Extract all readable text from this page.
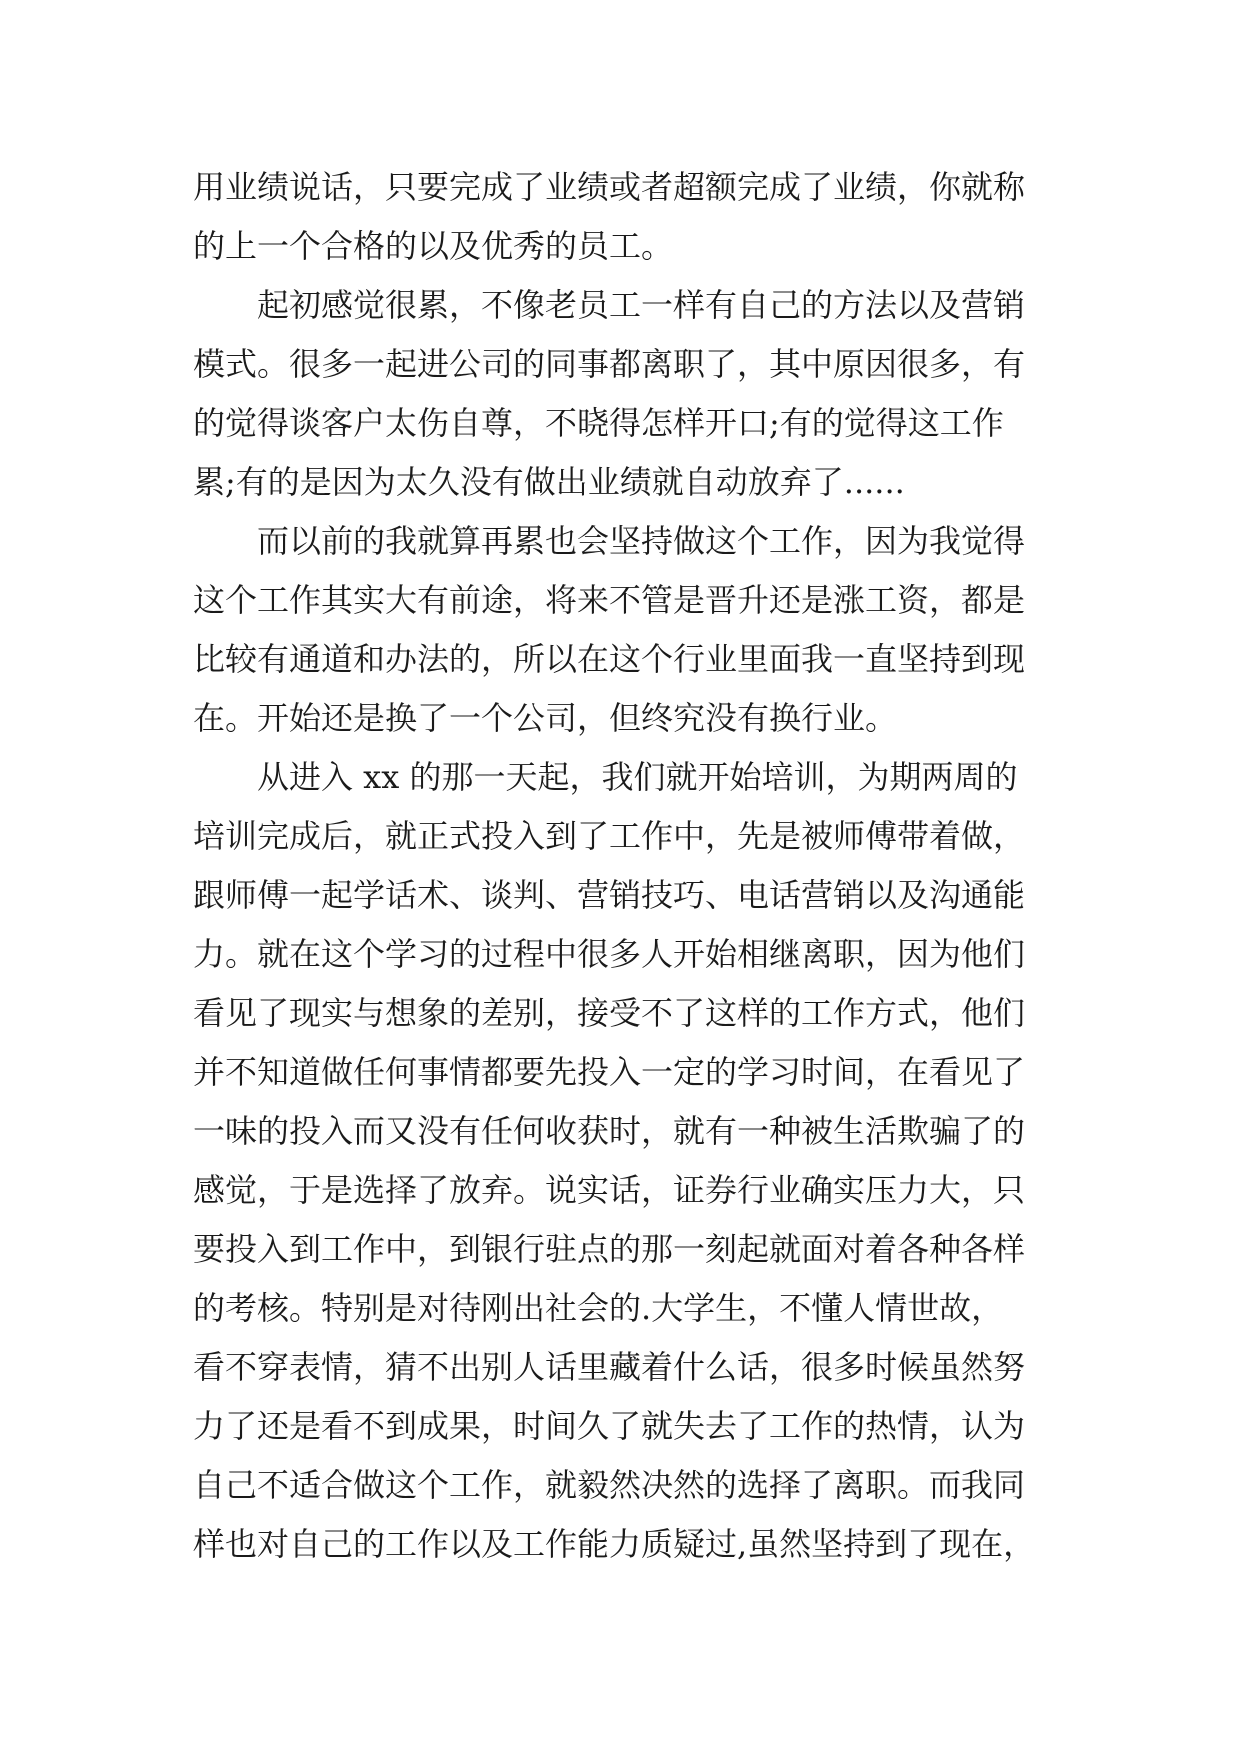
用业绩说话，只要完成了业绩或者超额完成了业绩，你就称
的上一个合格的以及优秀的员工。
起初感觉很累，不像老员工一样有自己的方法以及营销
模式。很多一起进公司的同事都离职了，其中原因很多，有
的觉得谈客户太伤自尊，不晓得怎样开口;有的觉得这工作
累;有的是因为太久没有做出业绩就自动放弃了......
而以前的我就算再累也会坚持做这个工作，因为我觉得
这个工作其实大有前途，将来不管是晋升还是涨工资，都是
比较有通道和办法的，所以在这个行业里面我一直坚持到现
在。开始还是换了一个公司，但终究没有换行业。
从进入 xx 的那一天起，我们就开始培训，为期两周的
培训完成后，就正式投入到了工作中，先是被师傅带着做，
跟师傅一起学话术、谈判、营销技巧、电话营销以及沟通能
力。就在这个学习的过程中很多人开始相继离职，因为他们
看见了现实与想象的差别，接受不了这样的工作方式，他们
并不知道做任何事情都要先投入一定的学习时间，在看见了
一味的投入而又没有任何收获时，就有一种被生活欺骗了的
感觉，于是选择了放弃。说实话，证券行业确实压力大，只
要投入到工作中，到银行驻点的那一刻起就面对着各种各样
的考核。特别是对待刚出社会的.大学生，不懂人情世故，
看不穿表情，猜不出别人话里藏着什么话，很多时候虽然努
力了还是看不到成果，时间久了就失去了工作的热情，认为
自己不适合做这个工作，就毅然决然的选择了离职。而我同
样也对自己的工作以及工作能力质疑过,虽然坚持到了现在，
